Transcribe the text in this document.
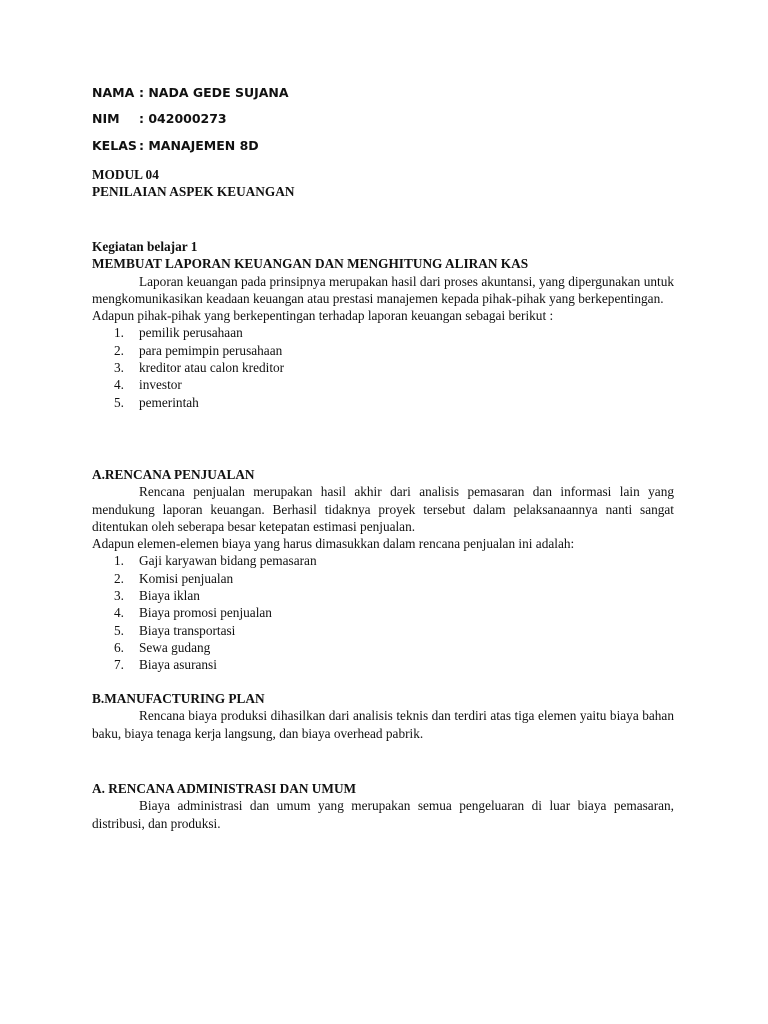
NAMA : NADA GEDE SUJANA
NIM : 042000273
KELAS : MANAJEMEN 8D

MODUL 04

PENILAIAN ASPEK KEUANGAN

Kegiatan belajar 1

MEMBUAT LAPORAN KEUANGAN DAN MENGHITUNG ALIRAN KAS

Laporan keuangan pada prinsipnya merupakan hasil dari proses akuntansi, yang dipergunakan untuk mengkomunikasikan keadaan keuangan atau prestasi manajemen kepada pihak-pihak yang berkepentingan.

Adapun pihak-pihak yang berkepentingan terhadap laporan keuangan sebagai berikut :

1. pemilik perusahaan
2. para pemimpin perusahaan
3. kreditor atau calon kreditor
4. investor
5. pemerintah

A.RENCANA PENJUALAN

Rencana penjualan merupakan hasil akhir dari analisis pemasaran dan informasi lain yang mendukung laporan keuangan. Berhasil tidaknya proyek tersebut dalam pelaksanaannya nanti sangat ditentukan oleh seberapa besar ketepatan estimasi penjualan.

Adapun elemen-elemen biaya yang harus dimasukkan dalam rencana penjualan ini adalah:

1. Gaji karyawan bidang pemasaran
2. Komisi penjualan
3. Biaya iklan
4. Biaya promosi penjualan
5. Biaya transportasi
6. Sewa gudang
7. Biaya asuransi

B.MANUFACTURING PLAN

Rencana biaya produksi dihasilkan dari analisis teknis dan terdiri atas tiga elemen yaitu biaya bahan baku, biaya tenaga kerja langsung, dan biaya overhead pabrik.

A. RENCANA ADMINISTRASI DAN UMUM

Biaya administrasi dan umum yang merupakan semua pengeluaran di luar biaya pemasaran, distribusi, dan produksi.
